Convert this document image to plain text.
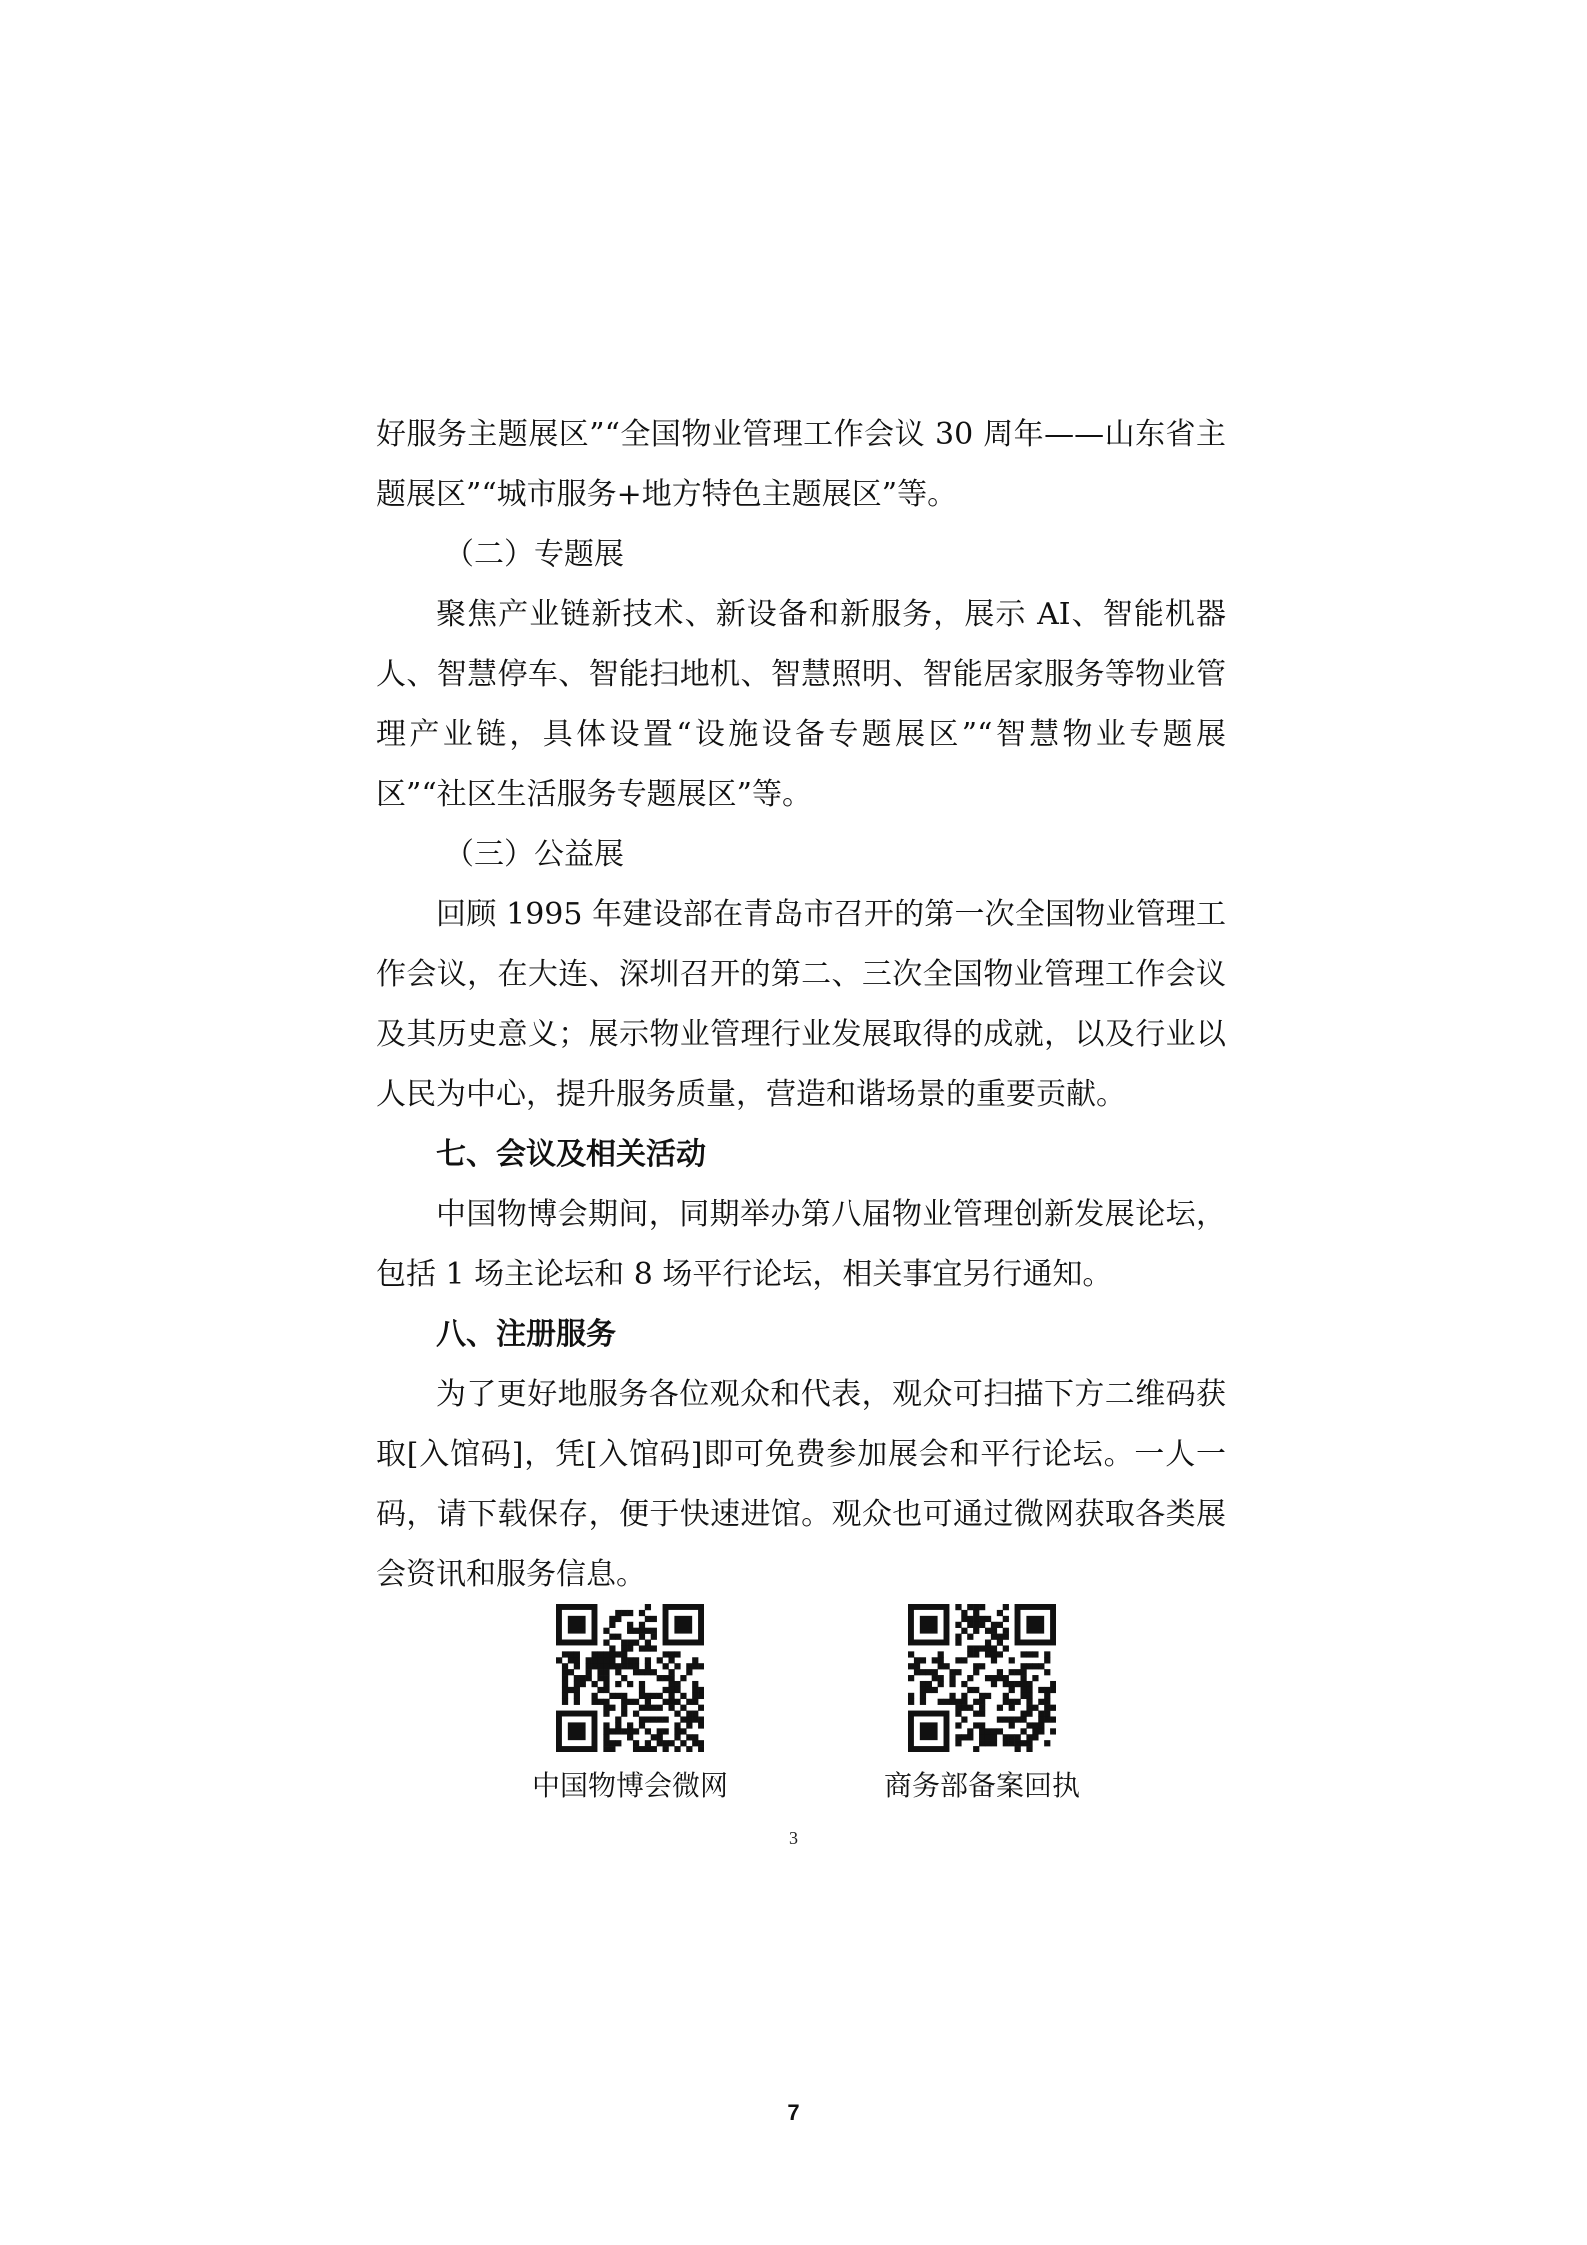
好服务主题展区”“全国物业管理工作会议 30 周年——山东省主题展区”“城市服务+地方特色主题展区”等。

（二）专题展

聚焦产业链新技术、新设备和新服务，展示 AI、智能机器人、智慧停车、智能扫地机、智慧照明、智能居家服务等物业管理产业链，具体设置“设施设备专题展区”“智慧物业专题展区”“社区生活服务专题展区”等。

（三）公益展

回顾 1995 年建设部在青岛市召开的第一次全国物业管理工作会议，在大连、深圳召开的第二、三次全国物业管理工作会议及其历史意义；展示物业管理行业发展取得的成就，以及行业以人民为中心，提升服务质量，营造和谐场景的重要贡献。

七、会议及相关活动

中国物博会期间，同期举办第八届物业管理创新发展论坛，包括 1 场主论坛和 8 场平行论坛，相关事宜另行通知。

八、注册服务

为了更好地服务各位观众和代表，观众可扫描下方二维码获取[入馆码]，凭[入馆码]即可免费参加展会和平行论坛。一人一码，请下载保存，便于快速进馆。观众也可通过微网获取各类展会资讯和服务信息。

中国物博会微网	商务部备案回执
3
7
